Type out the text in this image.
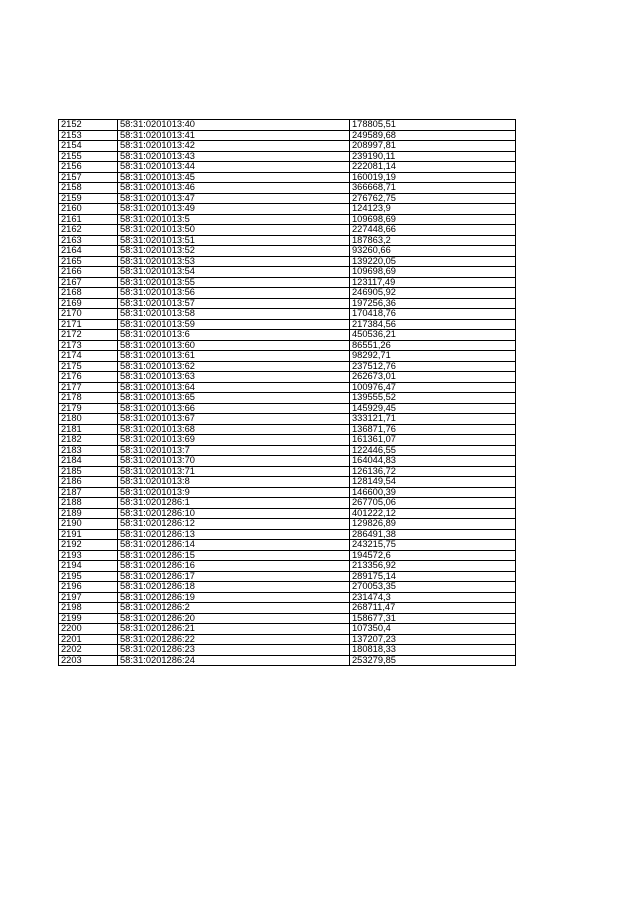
2152	58:31:0201013:40	178805,51
2153	58:31:0201013:41	249589,68
2154	58:31:0201013:42	208997,81
2155	58:31:0201013:43	239190,11
2156	58:31:0201013:44	222081,14
2157	58:31:0201013:45	160019,19
2158	58:31:0201013:46	366668,71
2159	58:31:0201013:47	276762,75
2160	58:31:0201013:49	124123,9
2161	58:31:0201013:5	109698,69
2162	58:31:0201013:50	227448,66
2163	58:31:0201013:51	187863,2
2164	58:31:0201013:52	93260,66
2165	58:31:0201013:53	139220,05
2166	58:31:0201013:54	109698,69
2167	58:31:0201013:55	123117,49
2168	58:31:0201013:56	246905,92
2169	58:31:0201013:57	197256,36
2170	58:31:0201013:58	170418,76
2171	58:31:0201013:59	217384,56
2172	58:31:0201013:6	450536,21
2173	58:31:0201013:60	86551,26
2174	58:31:0201013:61	98292,71
2175	58:31:0201013:62	237512,76
2176	58:31:0201013:63	262673,01
2177	58:31:0201013:64	100976,47
2178	58:31:0201013:65	139555,52
2179	58:31:0201013:66	145929,45
2180	58:31:0201013:67	333121,71
2181	58:31:0201013:68	136871,76
2182	58:31:0201013:69	161361,07
2183	58:31:0201013:7	122446,55
2184	58:31:0201013:70	164044,83
2185	58:31:0201013:71	126136,72
2186	58:31:0201013:8	128149,54
2187	58:31:0201013:9	146600,39
2188	58:31:0201286:1	267705,06
2189	58:31:0201286:10	401222,12
2190	58:31:0201286:12	129826,89
2191	58:31:0201286:13	286491,38
2192	58:31:0201286:14	243215,75
2193	58:31:0201286:15	194572,6
2194	58:31:0201286:16	213356,92
2195	58:31:0201286:17	289175,14
2196	58:31:0201286:18	270053,35
2197	58:31:0201286:19	231474,3
2198	58:31:0201286:2	268711,47
2199	58:31:0201286:20	158677,31
2200	58:31:0201286:21	107350,4
2201	58:31:0201286:22	137207,23
2202	58:31:0201286:23	180818,33
2203	58:31:0201286:24	253279,85
